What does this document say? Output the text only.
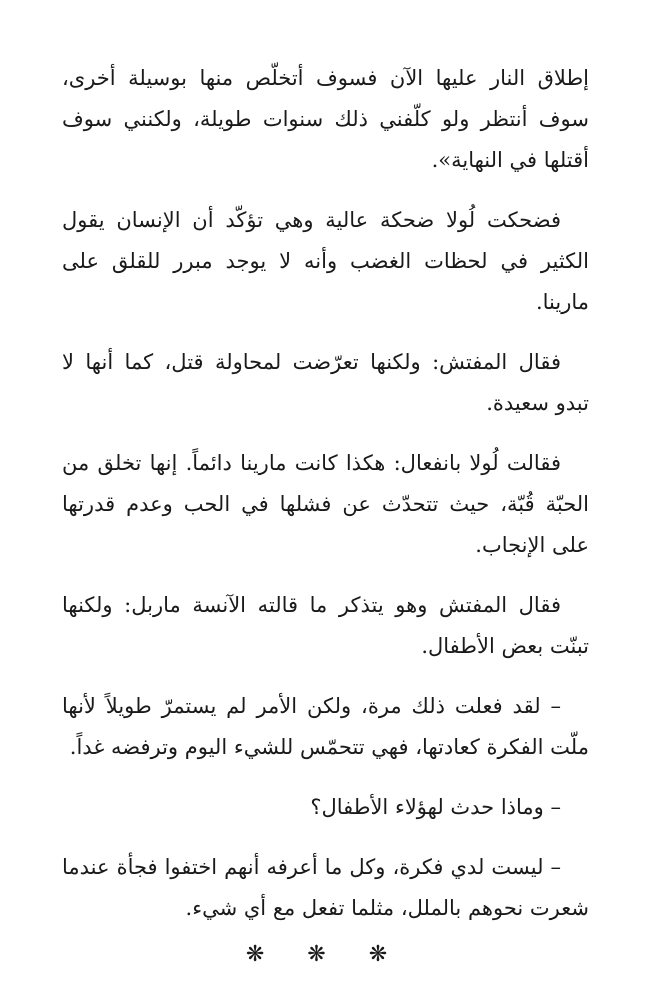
إطلاق النار عليها الآن فسوف أتخلّص منها بوسيلة أخرى، سوف أنتظر ولو كلّفني ذلك سنوات طويلة، ولكنني سوف أقتلها في النهاية».

فضحكت لُولا ضحكة عالية وهي تؤكّد أن الإنسان يقول الكثير في لحظات الغضب وأنه لا يوجد مبرر للقلق على مارينا.

فقال المفتش: ولكنها تعرّضت لمحاولة قتل، كما أنها لا تبدو سعيدة.

فقالت لُولا بانفعال: هكذا كانت مارينا دائماً. إنها تخلق من الحبّة قُبّة، حيث تتحدّث عن فشلها في الحب وعدم قدرتها على الإنجاب.

فقال المفتش وهو يتذكر ما قالته الآنسة ماربل: ولكنها تبنّت بعض الأطفال.

– لقد فعلت ذلك مرة، ولكن الأمر لم يستمرّ طويلاً لأنها ملّت الفكرة كعادتها، فهي تتحمّس للشيء اليوم وترفضه غداً.

– وماذا حدث لهؤلاء الأطفال؟

– ليست لدي فكرة، وكل ما أعرفه أنهم اختفوا فجأة عندما شعرت نحوهم بالملل، مثلما تفعل مع أي شيء.

❋ ❋ ❋
